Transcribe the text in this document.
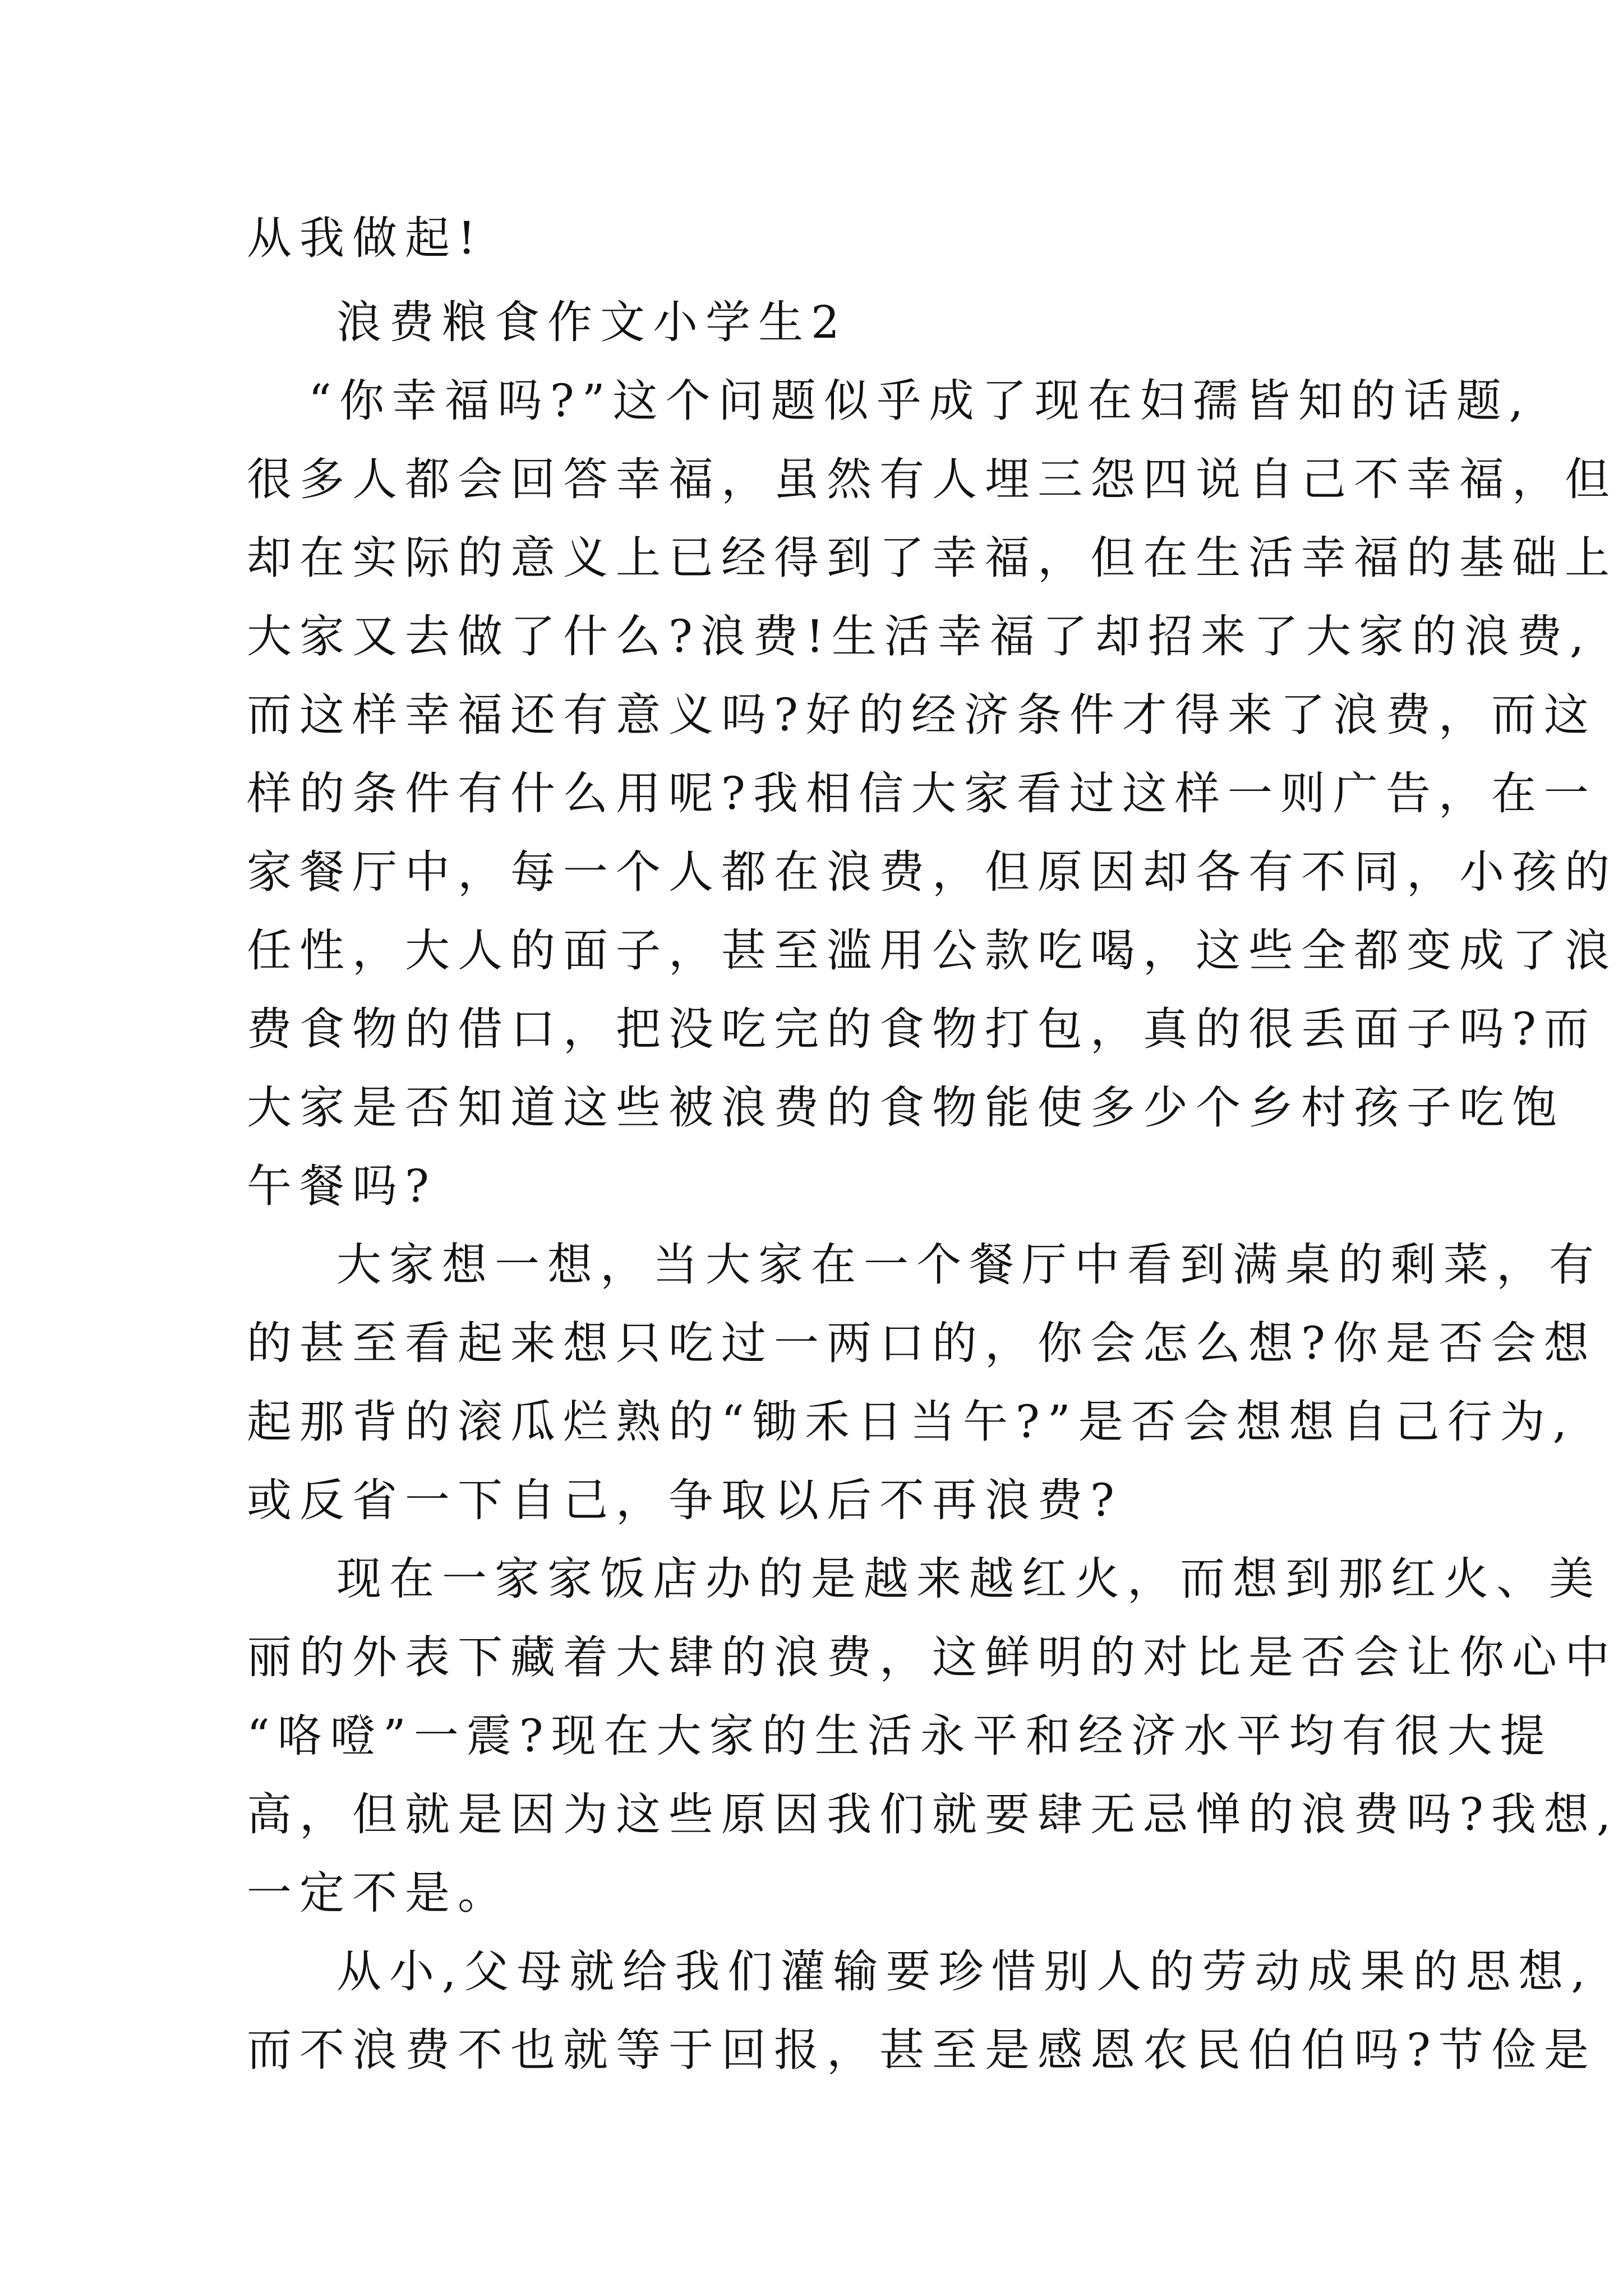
从我做起!
浪费粮食作文小学生2
“你幸福吗?”这个问题似乎成了现在妇孺皆知的话题,
很多人都会回答幸福，虽然有人埋三怨四说自己不幸福，但
却在实际的意义上已经得到了幸福，但在生活幸福的基础上
大家又去做了什么?浪费!生活幸福了却招来了大家的浪费,
而这样幸福还有意义吗?好的经济条件才得来了浪费，而这
样的条件有什么用呢?我相信大家看过这样一则广告，在一
家餐厅中，每一个人都在浪费，但原因却各有不同，小孩的
任性，大人的面子，甚至滥用公款吃喝，这些全都变成了浪
费食物的借口，把没吃完的食物打包，真的很丢面子吗?而
大家是否知道这些被浪费的食物能使多少个乡村孩子吃饱
午餐吗?
大家想一想，当大家在一个餐厅中看到满桌的剩菜，有
的甚至看起来想只吃过一两口的，你会怎么想?你是否会想
起那背的滚瓜烂熟的“锄禾日当午?”是否会想想自己行为,
或反省一下自己，争取以后不再浪费?
现在一家家饭店办的是越来越红火，而想到那红火、美
丽的外表下藏着大肆的浪费，这鲜明的对比是否会让你心中
“咯噔”一震?现在大家的生活永平和经济水平均有很大提
高，但就是因为这些原因我们就要肆无忌惮的浪费吗?我想,
一定不是。
从小,父母就给我们灌输要珍惜别人的劳动成果的思想,
而不浪费不也就等于回报，甚至是感恩农民伯伯吗?节俭是
